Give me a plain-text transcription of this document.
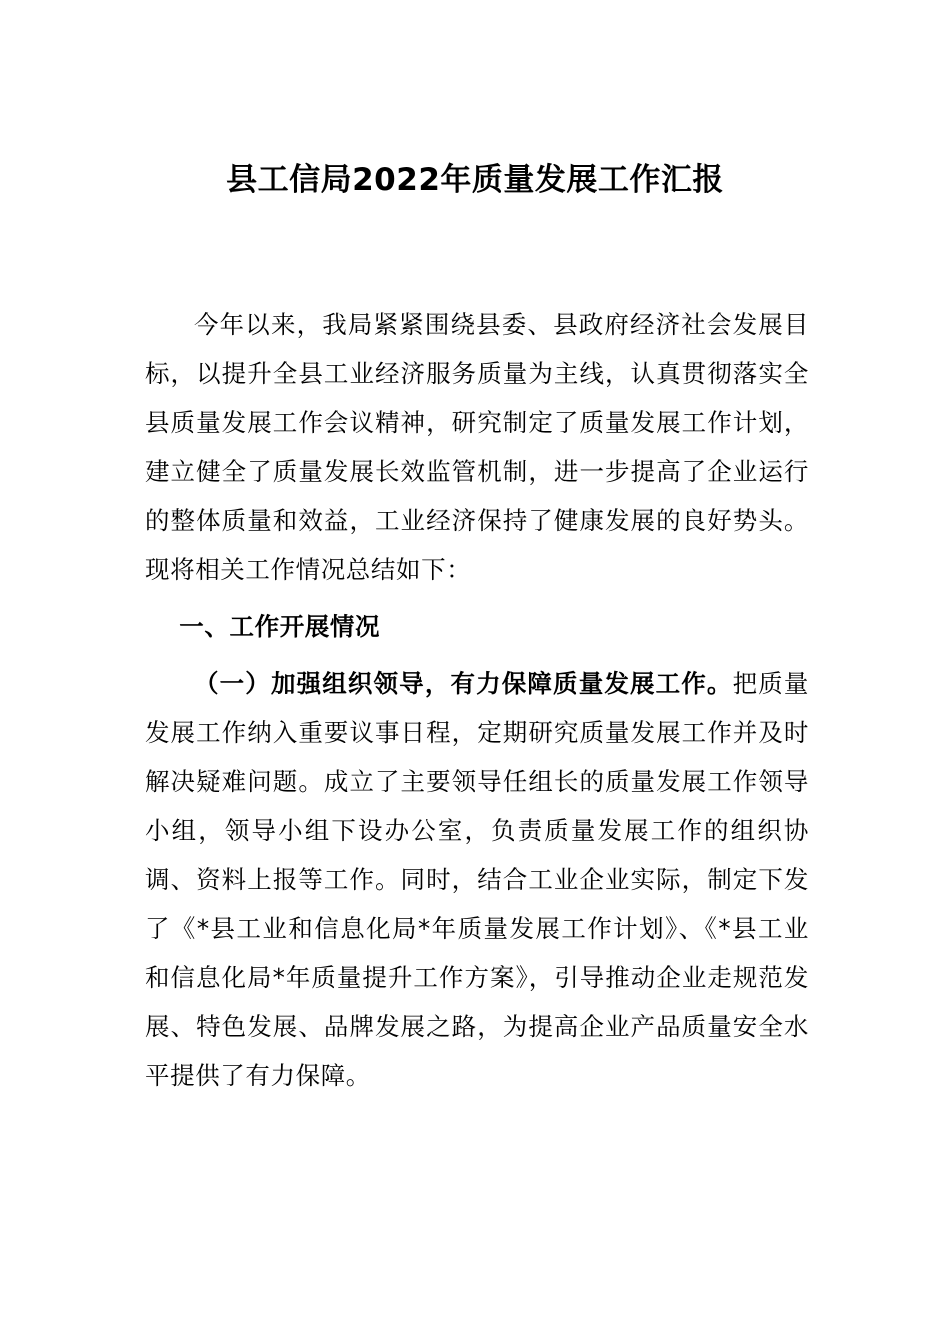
县工信局2022年质量发展工作汇报

今年以来，我局紧紧围绕县委、县政府经济社会发展目标，以提升全县工业经济服务质量为主线，认真贯彻落实全县质量发展工作会议精神，研究制定了质量发展工作计划，建立健全了质量发展长效监管机制，进一步提高了企业运行的整体质量和效益，工业经济保持了健康发展的良好势头。现将相关工作情况总结如下：

一、工作开展情况

（一）加强组织领导，有力保障质量发展工作。把质量发展工作纳入重要议事日程，定期研究质量发展工作并及时解决疑难问题。成立了主要领导任组长的质量发展工作领导小组，领导小组下设办公室，负责质量发展工作的组织协调、资料上报等工作。同时，结合工业企业实际，制定下发了《*县工业和信息化局*年质量发展工作计划》、《*县工业和信息化局*年质量提升工作方案》，引导推动企业走规范发展、特色发展、品牌发展之路，为提高企业产品质量安全水平提供了有力保障。
